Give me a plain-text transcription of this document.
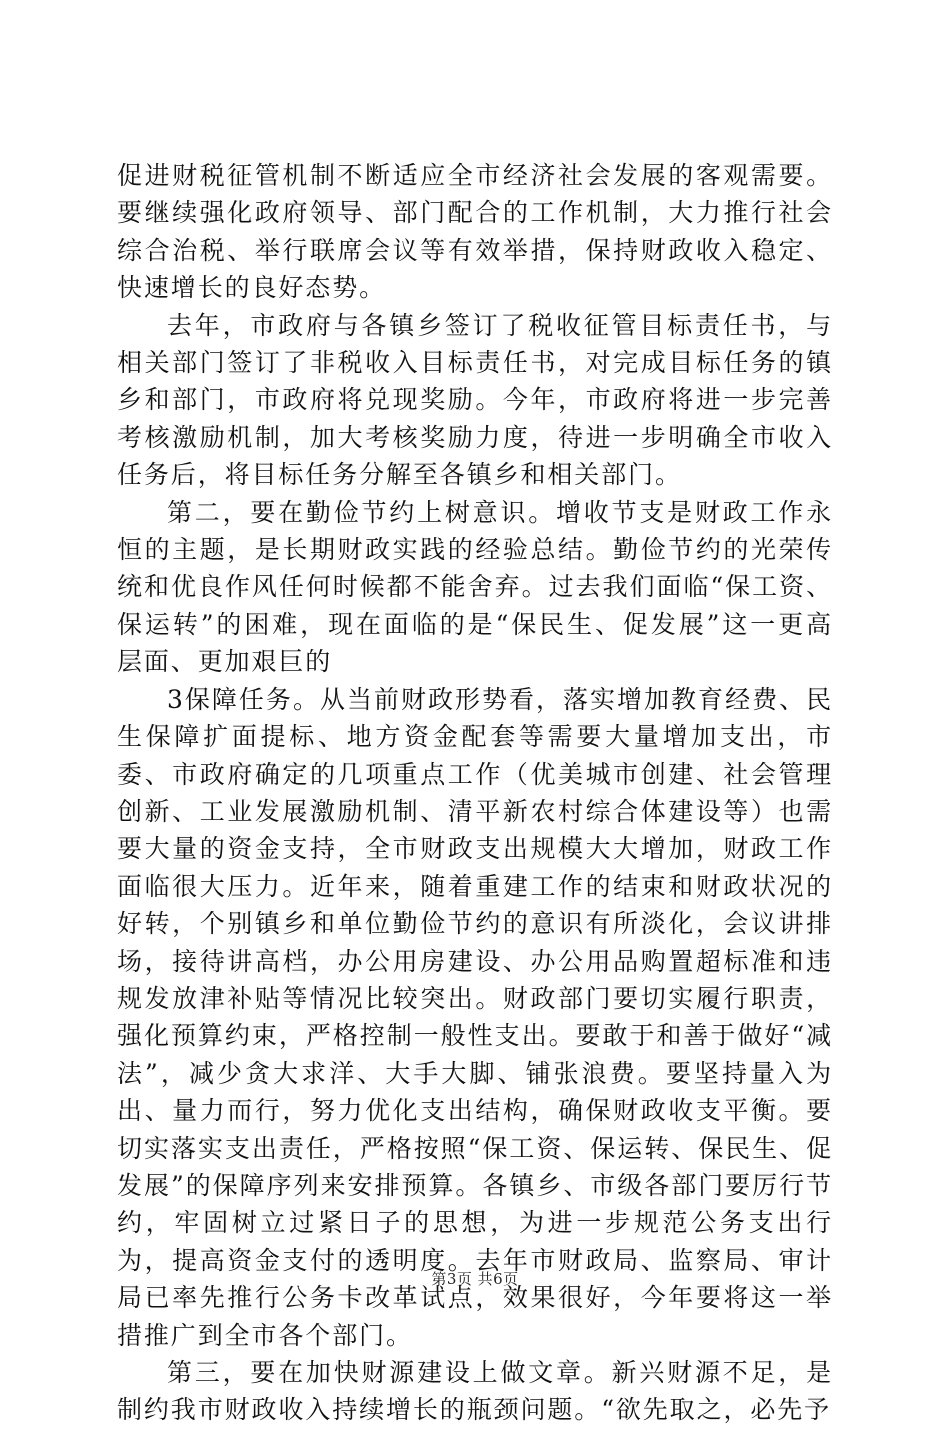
促进财税征管机制不断适应全市经济社会发展的客观需要。要继续强化政府领导、部门配合的工作机制，大力推行社会综合治税、举行联席会议等有效举措，保持财政收入稳定、快速增长的良好态势。

去年，市政府与各镇乡签订了税收征管目标责任书，与相关部门签订了非税收入目标责任书，对完成目标任务的镇乡和部门，市政府将兑现奖励。今年，市政府将进一步完善考核激励机制，加大考核奖励力度，待进一步明确全市收入任务后，将目标任务分解至各镇乡和相关部门。

第二，要在勤俭节约上树意识。增收节支是财政工作永恒的主题，是长期财政实践的经验总结。勤俭节约的光荣传统和优良作风任何时候都不能舍弃。过去我们面临“保工资、保运转”的困难，现在面临的是“保民生、促发展”这一更高层面、更加艰巨的

3保障任务。从当前财政形势看，落实增加教育经费、民生保障扩面提标、地方资金配套等需要大量增加支出，市委、市政府确定的几项重点工作（优美城市创建、社会管理创新、工业发展激励机制、清平新农村综合体建设等）也需要大量的资金支持，全市财政支出规模大大增加，财政工作面临很大压力。近年来，随着重建工作的结束和财政状况的好转，个别镇乡和单位勤俭节约的意识有所淡化，会议讲排场，接待讲高档，办公用房建设、办公用品购置超标准和违规发放津补贴等情况比较突出。财政部门要切实履行职责，强化预算约束，严格控制一般性支出。要敢于和善于做好“减法”，减少贪大求洋、大手大脚、铺张浪费。要坚持量入为出、量力而行，努力优化支出结构，确保财政收支平衡。要切实落实支出责任，严格按照“保工资、保运转、保民生、促发展”的保障序列来安排预算。各镇乡、市级各部门要厉行节约，牢固树立过紧日子的思想，为进一步规范公务支出行为，提高资金支付的透明度。去年市财政局、监察局、审计局已率先推行公务卡改革试点，效果很好，今年要将这一举措推广到全市各个部门。

第三，要在加快财源建设上做文章。新兴财源不足，是制约我市财政收入持续增长的瓶颈问题。“欲先取之，必先予

第3页 共6页
